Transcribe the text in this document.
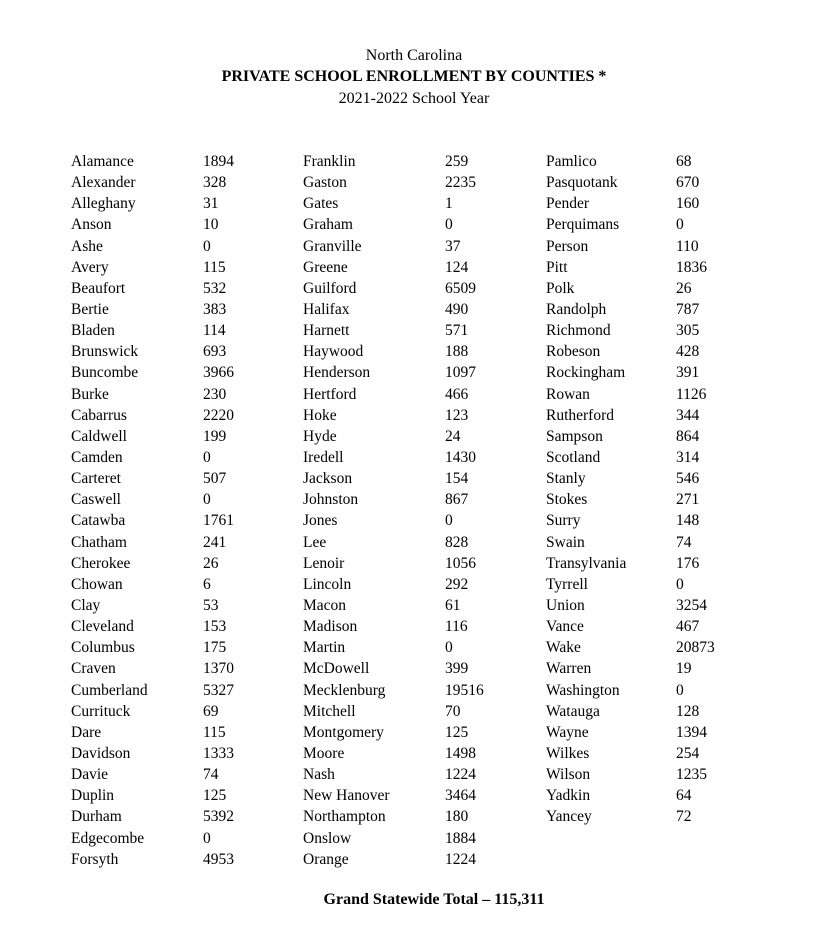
North Carolina
PRIVATE SCHOOL ENROLLMENT BY COUNTIES *
2021-2022 School Year
Alamance	1894
Alexander	328
Alleghany	31
Anson	10
Ashe	0
Avery	115
Beaufort	532
Bertie	383
Bladen	114
Brunswick	693
Buncombe	3966
Burke	230
Cabarrus	2220
Caldwell	199
Camden	0
Carteret	507
Caswell	0
Catawba	1761
Chatham	241
Cherokee	26
Chowan	6
Clay	53
Cleveland	153
Columbus	175
Craven	1370
Cumberland	5327
Currituck	69
Dare	115
Davidson	1333
Davie	74
Duplin	125
Durham	5392
Edgecombe	0
Forsyth	4953
Franklin	259
Gaston	2235
Gates	1
Graham	0
Granville	37
Greene	124
Guilford	6509
Halifax	490
Harnett	571
Haywood	188
Henderson	1097
Hertford	466
Hoke	123
Hyde	24
Iredell	1430
Jackson	154
Johnston	867
Jones	0
Lee	828
Lenoir	1056
Lincoln	292
Macon	61
Madison	116
Martin	0
McDowell	399
Mecklenburg	19516
Mitchell	70
Montgomery	125
Moore	1498
Nash	1224
New Hanover	3464
Northampton	180
Onslow	1884
Orange	1224
Pamlico	68
Pasquotank	670
Pender	160
Perquimans	0
Person	110
Pitt	1836
Polk	26
Randolph	787
Richmond	305
Robeson	428
Rockingham	391
Rowan	1126
Rutherford	344
Sampson	864
Scotland	314
Stanly	546
Stokes	271
Surry	148
Swain	74
Transylvania	176
Tyrrell	0
Union	3254
Vance	467
Wake	20873
Warren	19
Washington	0
Watauga	128
Wayne	1394
Wilkes	254
Wilson	1235
Yadkin	64
Yancey	72
Grand Statewide Total – 115,311
